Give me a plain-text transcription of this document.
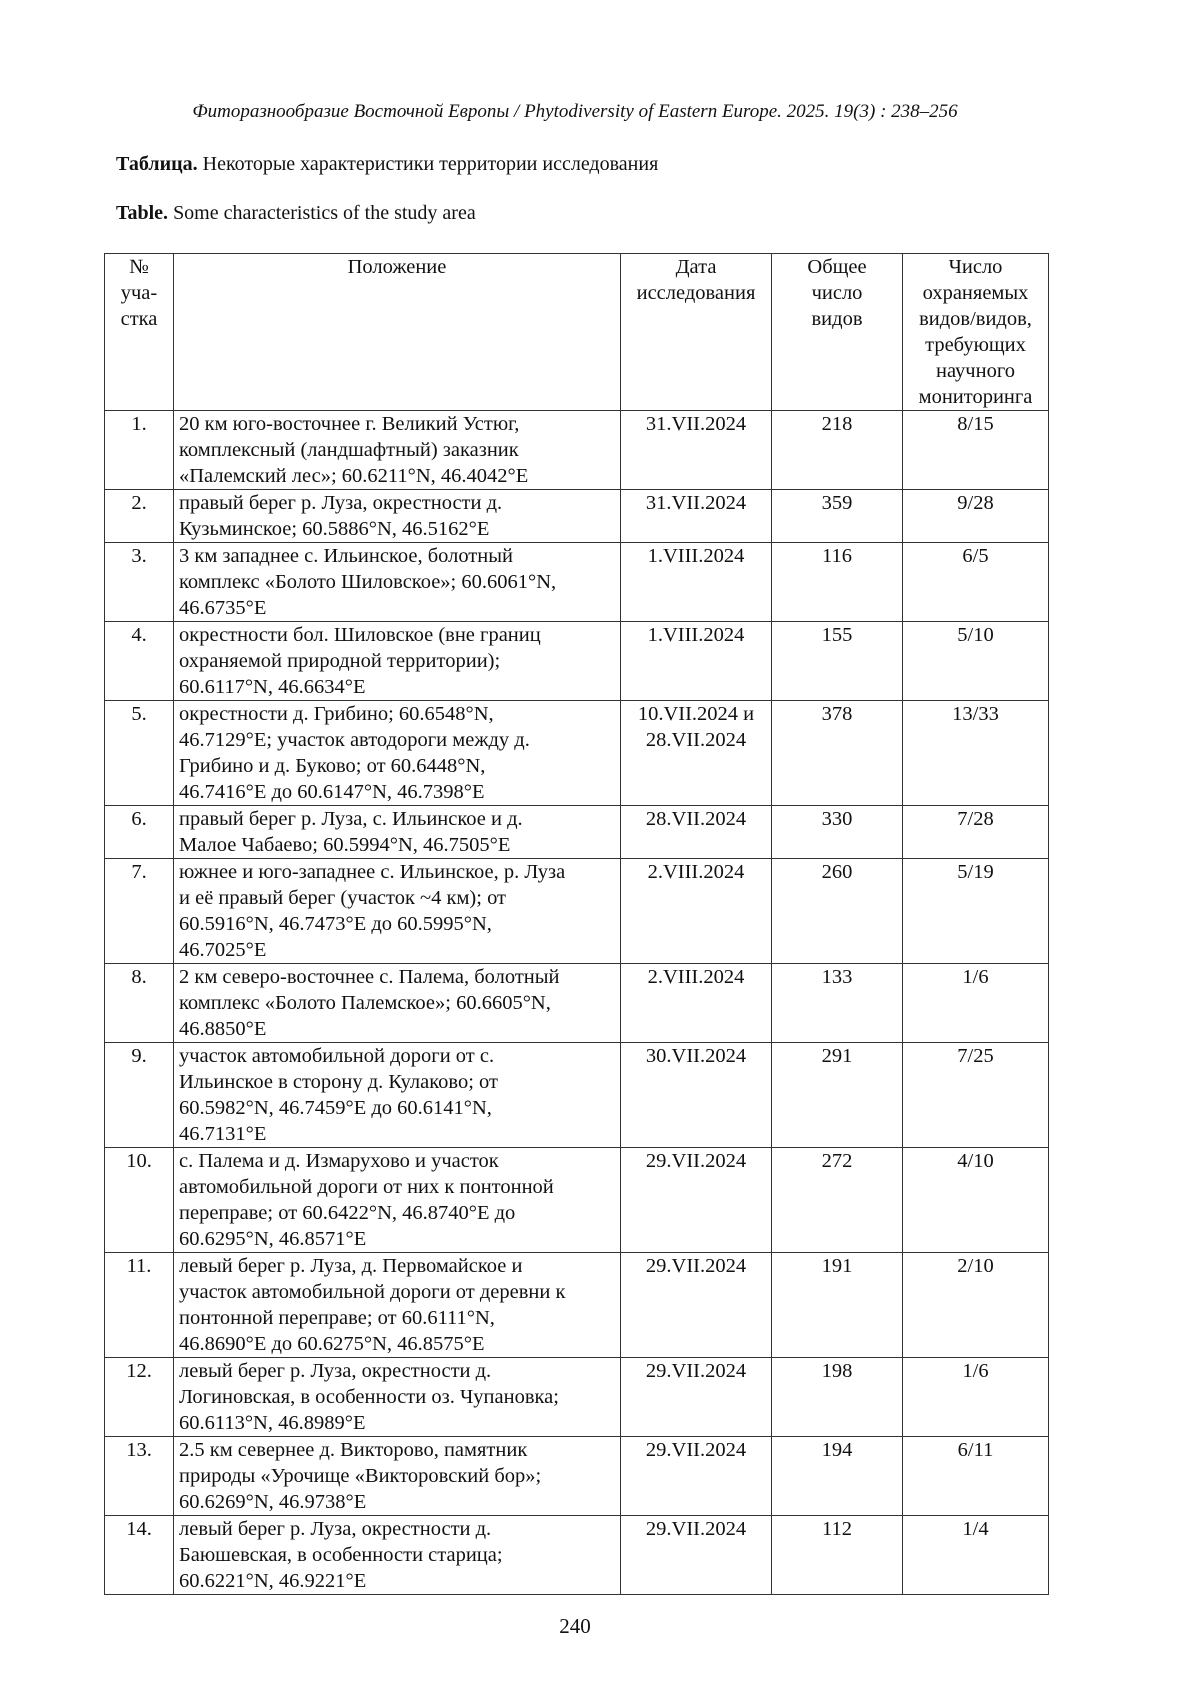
Фиторазнообразие Восточной Европы / Phytodiversity of Eastern Europe. 2025. 19(3) : 238–256
Таблица. Некоторые характеристики территории исследования
Table. Some characteristics of the study area
№
уча-
стка	Положение	Дата
исследования	Общее
число
видов	Число
охраняемых
видов/видов,
требующих
научного
мониторинга
1.	20 км юго-восточнее г. Великий Устюг,
комплексный (ландшафтный) заказник
«Палемский лес»; 60.6211°N, 46.4042°E	31.VII.2024	218	8/15
2.	правый берег р. Луза, окрестности д.
Кузьминское; 60.5886°N, 46.5162°E	31.VII.2024	359	9/28
3.	3 км западнее с. Ильинское, болотный
комплекс «Болото Шиловское»; 60.6061°N,
46.6735°E	1.VIII.2024	116	6/5
4.	окрестности бол. Шиловское (вне границ
охраняемой природной территории);
60.6117°N, 46.6634°E	1.VIII.2024	155	5/10
5.	окрестности д. Грибино; 60.6548°N,
46.7129°E; участок автодороги между д.
Грибино и д. Буково; от 60.6448°N,
46.7416°E до 60.6147°N, 46.7398°E	10.VII.2024 и
28.VII.2024	378	13/33
6.	правый берег р. Луза, с. Ильинское и д.
Малое Чабаево; 60.5994°N, 46.7505°E	28.VII.2024	330	7/28
7.	южнее и юго-западнее с. Ильинское, р. Луза
и её правый берег (участок ~4 км); от
60.5916°N, 46.7473°E до 60.5995°N,
46.7025°E	2.VIII.2024	260	5/19
8.	2 км северо-восточнее с. Палема, болотный
комплекс «Болото Палемское»; 60.6605°N,
46.8850°E	2.VIII.2024	133	1/6
9.	участок автомобильной дороги от с.
Ильинское в сторону д. Кулаково; от
60.5982°N, 46.7459°E до 60.6141°N,
46.7131°E	30.VII.2024	291	7/25
10.	с. Палема и д. Измарухово и участок
автомобильной дороги от них к понтонной
переправе; от 60.6422°N, 46.8740°E до
60.6295°N, 46.8571°E	29.VII.2024	272	4/10
11.	левый берег р. Луза, д. Первомайское и
участок автомобильной дороги от деревни к
понтонной переправе; от 60.6111°N,
46.8690°E до 60.6275°N, 46.8575°E	29.VII.2024	191	2/10
12.	левый берег р. Луза, окрестности д.
Логиновская, в особенности оз. Чупановка;
60.6113°N, 46.8989°E	29.VII.2024	198	1/6
13.	2.5 км севернее д. Викторово, памятник
природы «Урочище «Викторовский бор»;
60.6269°N, 46.9738°E	29.VII.2024	194	6/11
14.	левый берег р. Луза, окрестности д.
Баюшевская, в особенности старица;
60.6221°N, 46.9221°E	29.VII.2024	112	1/4
240
